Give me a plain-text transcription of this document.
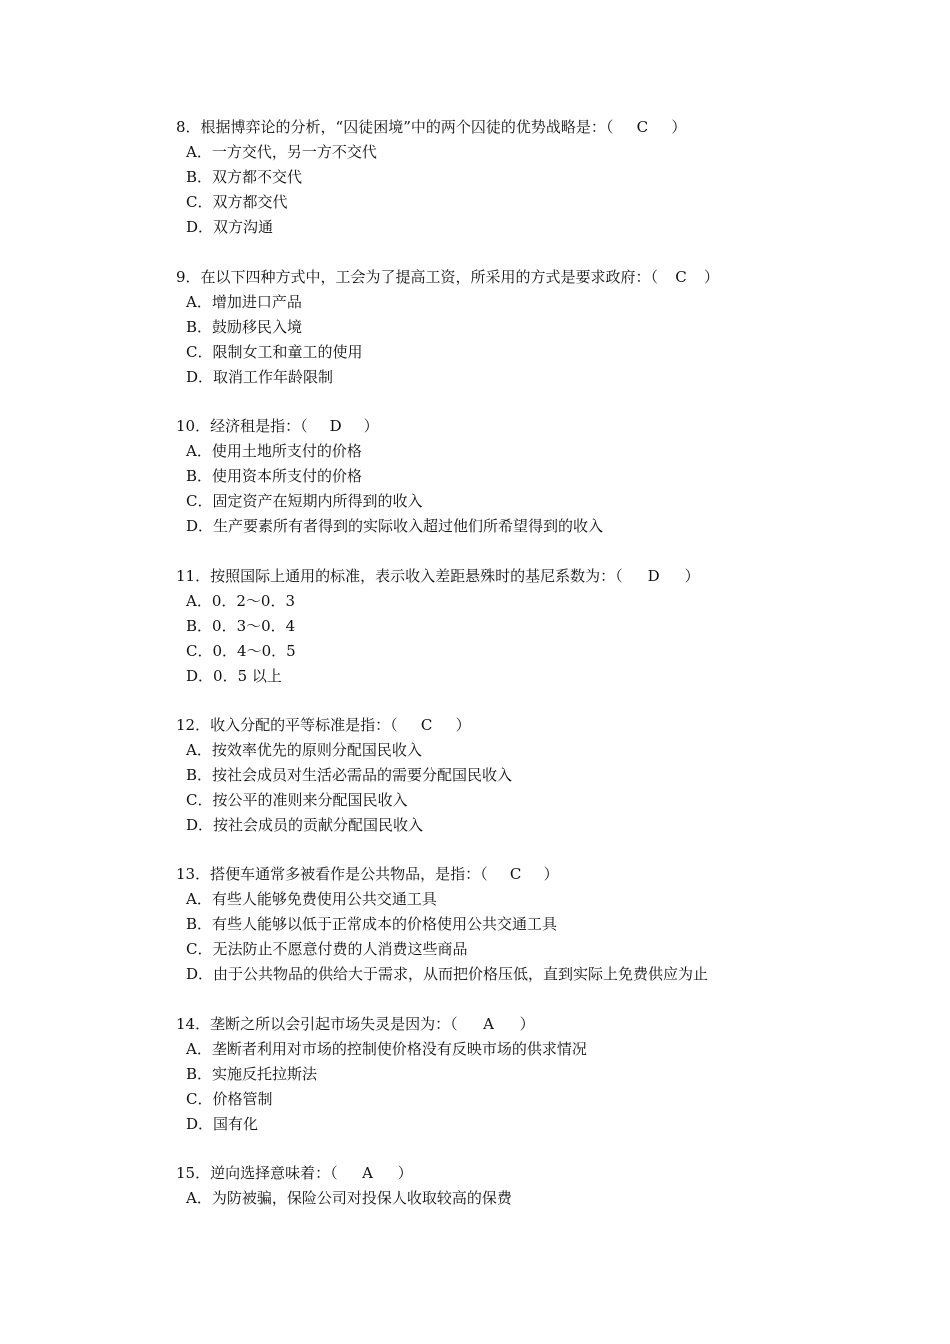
8．根据博弈论的分析，“囚徒困境”中的两个囚徒的优势战略是：（ C ）
A．一方交代，另一方不交代
B．双方都不交代
C．双方都交代
D．双方沟通
9．在以下四种方式中，工会为了提高工资，所采用的方式是要求政府：（ C ）
A．增加进口产品
B．鼓励移民入境
C．限制女工和童工的使用
D．取消工作年龄限制
10．经济租是指：（ D ）
A．使用土地所支付的价格
B．使用资本所支付的价格
C．固定资产在短期内所得到的收入
D．生产要素所有者得到的实际收入超过他们所希望得到的收入
11．按照国际上通用的标准，表示收入差距悬殊时的基尼系数为：（ D ）
A．0．2～0．3
B．0．3～0．4
C．0．4～0．5
D．0．5 以上
12．收入分配的平等标准是指：（ C ）
A．按效率优先的原则分配国民收入
B．按社会成员对生活必需品的需要分配国民收入
C．按公平的准则来分配国民收入
D．按社会成员的贡献分配国民收入
13．搭便车通常多被看作是公共物品，是指：（ C ）
A．有些人能够免费使用公共交通工具
B．有些人能够以低于正常成本的价格使用公共交通工具
C．无法防止不愿意付费的人消费这些商品
D．由于公共物品的供给大于需求，从而把价格压低，直到实际上免费供应为止
14．垄断之所以会引起市场失灵是因为：（ A ）
A．垄断者利用对市场的控制使价格没有反映市场的供求情况
B．实施反托拉斯法
C．价格管制
D．国有化
15．逆向选择意味着：（ A ）
A．为防被骗，保险公司对投保人收取较高的保费
